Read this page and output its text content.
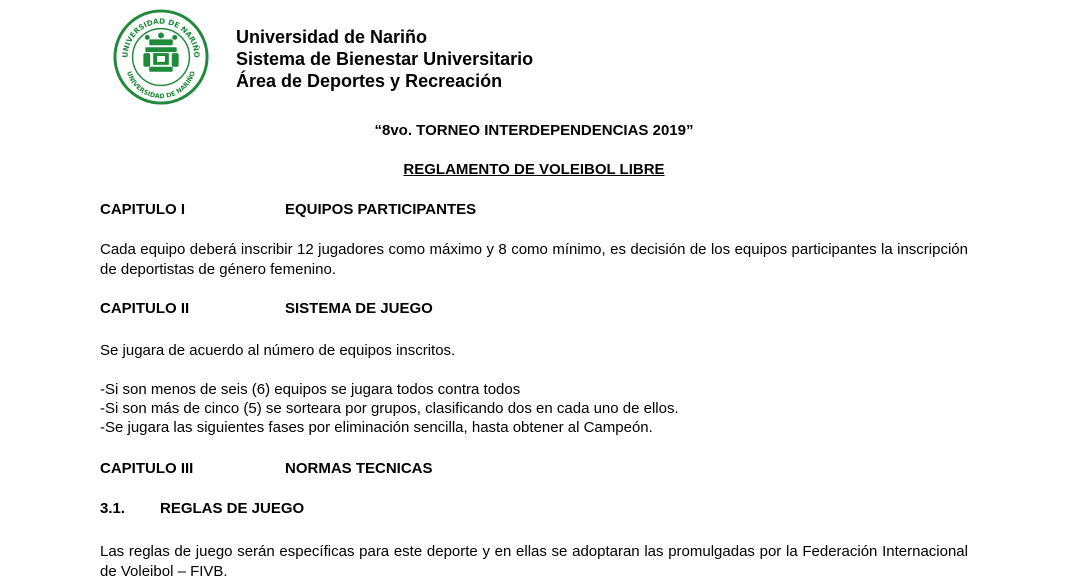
UNIVERSIDAD DE NARIÑO
UNIVERSIDAD DE NARIÑO
Universidad de Nariño
Sistema de Bienestar Universitario
Área de Deportes y Recreación
“8vo. TORNEO INTERDEPENDENCIAS 2019”
REGLAMENTO DE VOLEIBOL LIBRE
CAPITULO I	EQUIPOS PARTICIPANTES
Cada equipo deberá inscribir 12 jugadores como máximo y 8 como mínimo, es decisión de los equipos participantes la inscripción de deportistas de género femenino.
CAPITULO II	SISTEMA DE JUEGO
Se jugara de acuerdo al número de equipos inscritos.
-Si son menos de seis (6) equipos se jugara todos contra todos
-Si son más de cinco (5) se sorteara por grupos, clasificando dos en cada uno de ellos.
-Se jugara las siguientes fases por eliminación sencilla, hasta obtener al Campeón.
CAPITULO III	NORMAS TECNICAS
3.1. REGLAS DE JUEGO
Las reglas de juego serán específicas para este deporte y en ellas se adoptaran las promulgadas por la Federación Internacional de Voleibol – FIVB.
